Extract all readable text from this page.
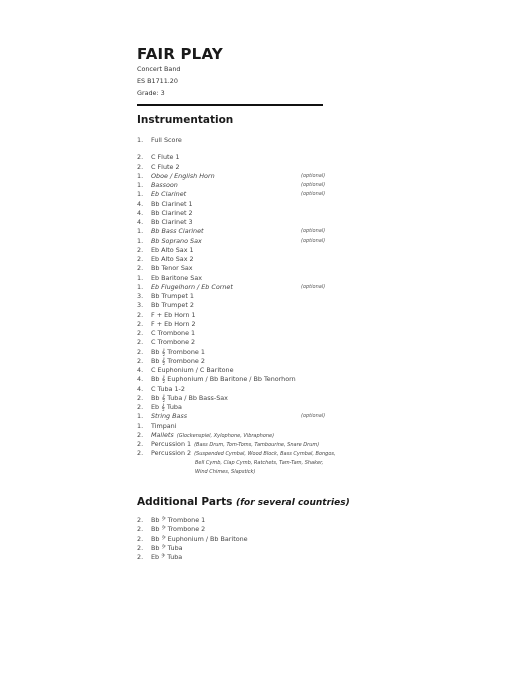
FAIR PLAY
Concert Band
ES B1711.20
Grade: 3
Instrumentation
1.	Full Score
2.	C Flute 1
2.	C Flute 2
1.	Oboe / English Horn	(optional)
1.	Bassoon	(optional)
1.	Eb Clarinet	(optional)
4.	Bb Clarinet 1
4.	Bb Clarinet 2
4.	Bb Clarinet 3
1.	Bb Bass Clarinet	(optional)
1.	Bb Soprano Sax	(optional)
2.	Eb Alto Sax 1
2.	Eb Alto Sax 2
2.	Bb Tenor Sax
1.	Eb Baritone Sax
1.	Eb Flugelhorn / Eb Cornet	(optional)
3.	Bb Trumpet 1
3.	Bb Trumpet 2
2.	F + Eb Horn 1
2.	F + Eb Horn 2
2.	C Trombone 1
2.	C Trombone 2
2.	Bb 𝄞 Trombone 1
2.	Bb 𝄞 Trombone 2
4.	C Euphonium / C Baritone
4.	Bb 𝄞 Euphonium / Bb Baritone / Bb Tenorhorn
4.	C Tuba 1-2
2.	Bb 𝄞 Tuba / Bb Bass-Sax
2.	Eb 𝄞 Tuba
1.	String Bass	(optional)
1.	Timpani
2.	Mallets (Glockenspiel, Xylophone, Vibraphone)
2.	Percussion 1 (Bass Drum, Tom-Toms, Tambourine, Snare Drum)
2.	Percussion 2 (Suspended Cymbal, Wood Block, Bass Cymbal, Bongos,
Bell Cymb, Clap Cymb, Ratchets, Tam-Tam, Shaker,
Wind Chimes, Slapstick)
Additional Parts (for several countries)
2.	Bb 𝄢 Trombone 1
2.	Bb 𝄢 Trombone 2
2.	Bb 𝄢 Euphonium / Bb Baritone
2.	Bb 𝄢 Tuba
2.	Eb 𝄢 Tuba
